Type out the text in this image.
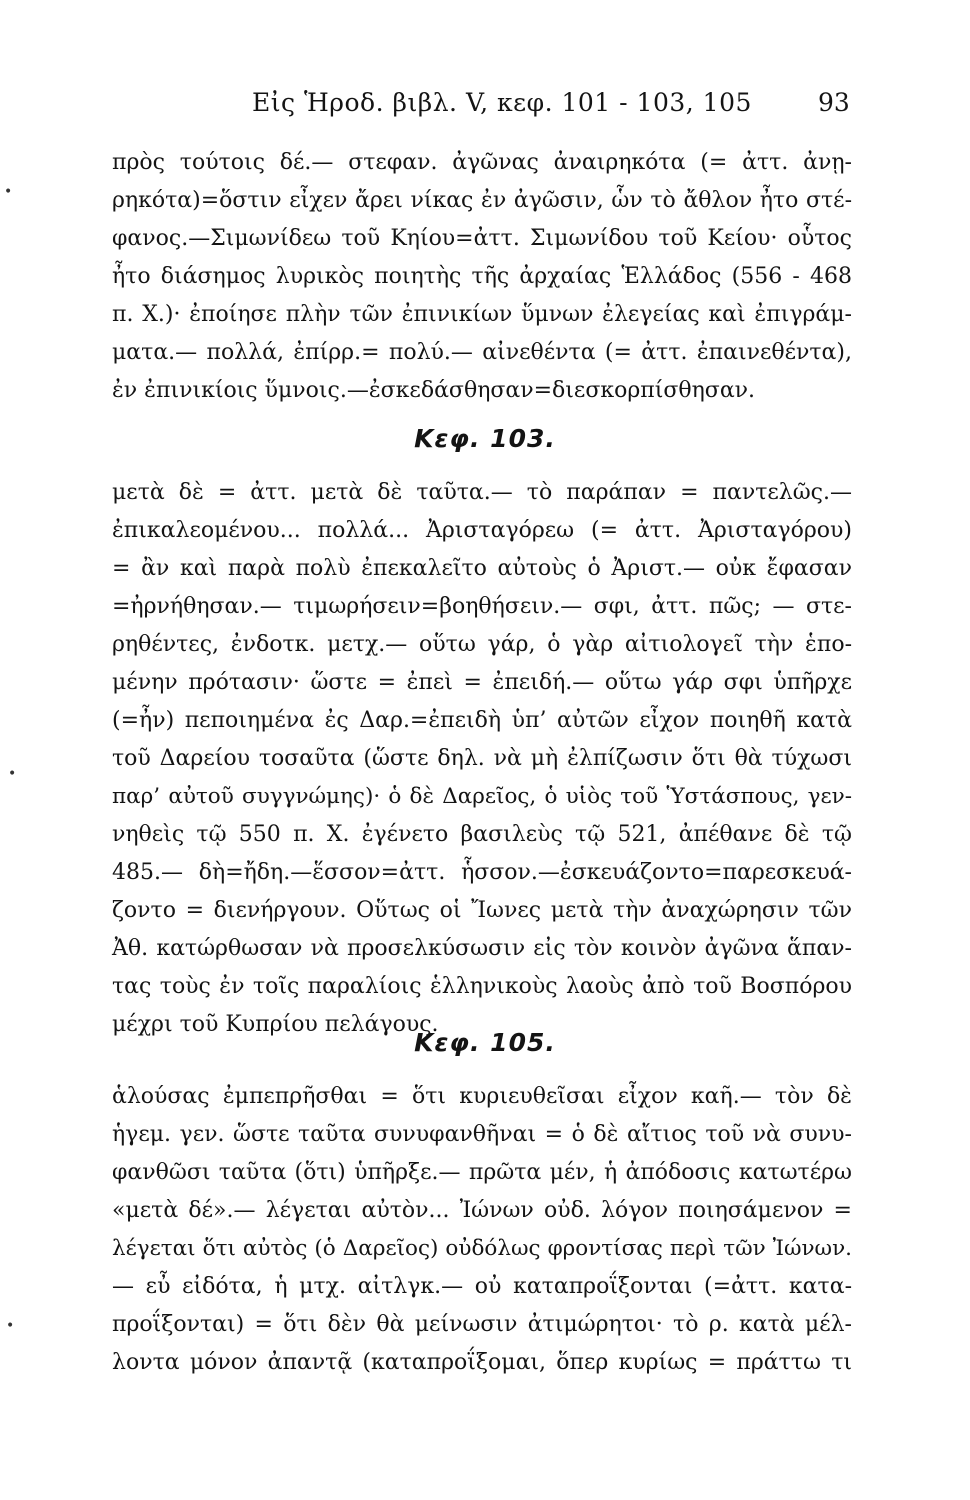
Εἰς Ἡροδ. βιβλ. V, κεφ. 101 - 103, 105	93
•
•
•
πρὸς τούτοις δέ.— στεφαν. ἀγῶνας ἀναιρηκότα (= ἀττ. ἀνῃ-
ρηκότα)=ὅστιν εἶχεν ἄρει νίκας ἐν ἀγῶσιν, ὧν τὸ ἄθλον ἦτο στέ-
φανος.—Σιμωνίδεω τοῦ Κηίου=ἀττ. Σιμωνίδου τοῦ Κείου· οὗτος
ἦτο διάσημος λυρικὸς ποιητὴς τῆς ἀρχαίας Ἑλλάδος (556 - 468
π. Χ.)· ἐποίησε πλὴν τῶν ἐπινικίων ὕμνων ἐλεγείας καὶ ἐπιγράμ-
ματα.— πολλά, ἐπίρρ.= πολύ.— αἰνεθέντα (= ἀττ. ἐπαινεθέντα),
ἐν ἐπινικίοις ὕμνοις.—ἐσκεδάσθησαν=διεσκορπίσθησαν.
Κεφ. 103.
μετὰ δὲ = ἀττ. μετὰ δὲ ταῦτα.— τὸ παράπαν = παντελῶς.—
ἐπικαλεομένου... πολλά... Ἀρισταγόρεω (= ἀττ. Ἀρισταγόρου)
= ἂν καὶ παρὰ πολὺ ἐπεκαλεῖτο αὐτοὺς ὁ Ἀριστ.— οὐκ ἔφασαν
=ἠρνήθησαν.— τιμωρήσειν=βοηθήσειν.— σφι, ἀττ. πῶς; — στε-
ρηθέντες, ἐνδοτκ. μετχ.— οὕτω γάρ, ὁ γὰρ αἰτιολογεῖ τὴν ἑπο-
μένην πρότασιν· ὥστε = ἐπεὶ = ἐπειδή.— οὕτω γάρ σφι ὑπῆρχε
(=ἦν) πεποιημένα ἐς Δαρ.=ἐπειδὴ ὑπ’ αὐτῶν εἶχον ποιηθῆ κατὰ
τοῦ Δαρείου τοσαῦτα (ὥστε δηλ. νὰ μὴ ἐλπίζωσιν ὅτι θὰ τύχωσι
παρ’ αὐτοῦ συγγνώμης)· ὁ δὲ Δαρεῖος, ὁ υἱὸς τοῦ Ὑστάσπους, γεν-
νηθεὶς τῷ 550 π. Χ. ἐγένετο βασιλεὺς τῷ 521, ἀπέθανε δὲ τῷ
485.— δὴ=ἤδη.—ἕσσον=ἀττ. ἧσσον.—ἐσκευάζοντο=παρεσκευά-
ζοντο = διενήργουν. Οὕτως οἱ Ἴωνες μετὰ τὴν ἀναχώρησιν τῶν
Ἀθ. κατώρθωσαν νὰ προσελκύσωσιν εἰς τὸν κοινὸν ἀγῶνα ἅπαν-
τας τοὺς ἐν τοῖς παραλίοις ἑλληνικοὺς λαοὺς ἀπὸ τοῦ Βοσπόρου
μέχρι τοῦ Κυπρίου πελάγους.
Κεφ. 105.
ἁλούσας ἐμπεπρῆσθαι = ὅτι κυριευθεῖσαι εἶχον καῆ.— τὸν δὲ
ἡγεμ. γεν. ὥστε ταῦτα συνυφανθῆναι = ὁ δὲ αἴτιος τοῦ νὰ συνυ-
φανθῶσι ταῦτα (ὅτι) ὑπῆρξε.— πρῶτα μέν, ἡ ἀπόδοσις κατωτέρω
«μετὰ δέ».— λέγεται αὐτὸν... Ἰώνων οὐδ. λόγον ποιησάμενον =
λέγεται ὅτι αὐτὸς (ὁ Δαρεῖος) οὐδόλως φροντίσας περὶ τῶν Ἰώνων.
— εὖ εἰδότα, ἡ μτχ. αἰτλγκ.— οὐ καταπροΐξονται (=ἀττ. κατα-
προΐξονται) = ὅτι δὲν θὰ μείνωσιν ἀτιμώρητοι· τὸ ρ. κατὰ μέλ-
λοντα μόνον ἀπαντᾷ (καταπροΐξομαι, ὅπερ κυρίως = πράττω τι
